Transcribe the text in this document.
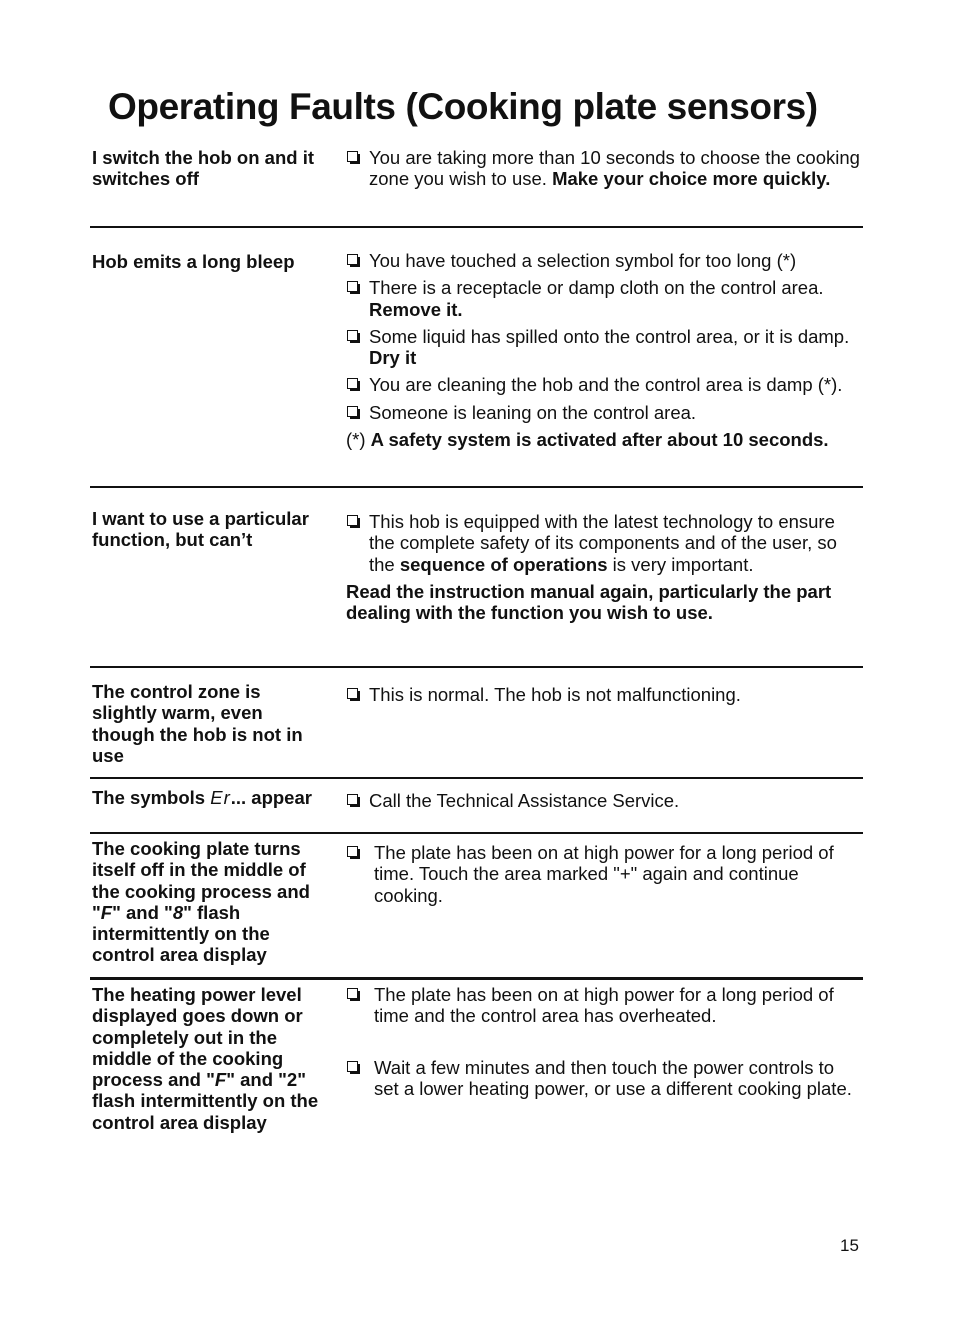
Operating Faults (Cooking plate sensors)
I switch the hob on and it switches off
You are taking more than 10 seconds to choose the cooking zone you wish to use. Make your choice more quickly.
Hob emits a long bleep	You have touched a selection symbol for too long (*)
There is a receptacle or damp cloth on the control area. Remove it.
Some liquid has spilled onto the control area, or it is damp. Dry it
You are cleaning the hob and the control area is damp (*).
Someone is leaning on the control area.
(*) A safety system is activated after about 10 seconds.
I want to use a particular function, but can’t
This hob is equipped with the latest technology to ensure the complete safety of its components and of the user, so the sequence of operations is very important.
Read the instruction manual again, particularly the part dealing with the function you wish to use.
The control zone is slightly warm, even though the hob is not in use
This is normal. The hob is not malfunctioning.
The symbols Er... appear	Call the Technical Assistance Service.
The cooking plate turns itself off in the middle of the cooking process and "F" and "8" flash intermittently on the control area display
The plate has been on at high power for a long period of time. Touch the area marked "+" again and continue cooking.
The heating power level displayed goes down or completely out in the middle of the cooking process and "F" and "2" flash intermittently on the control area display
The plate has been on at high power for a long period of time and the control area has overheated.
Wait a few minutes and then touch the power controls to set a lower heating power, or use a different cooking plate.
15
